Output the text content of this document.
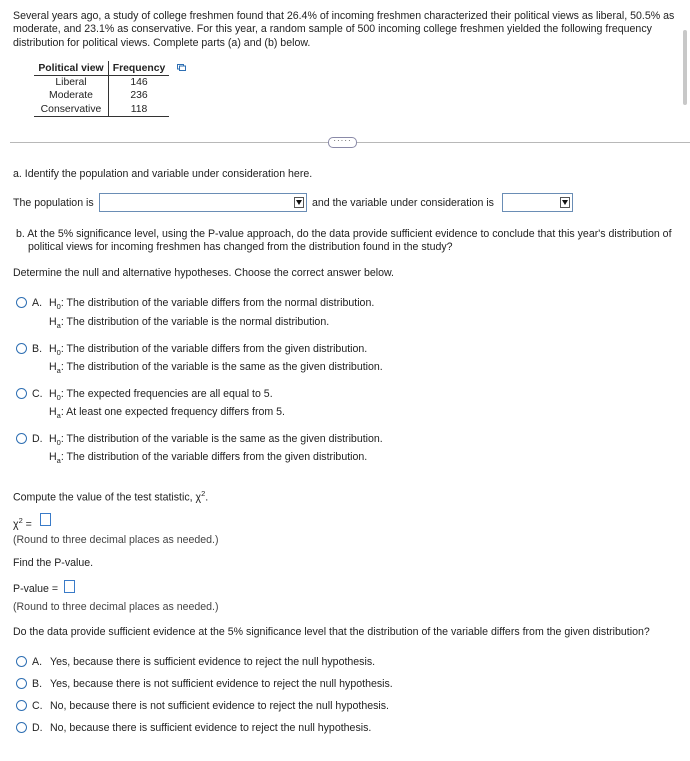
Several years ago, a study of college freshmen found that 26.4% of incoming freshmen characterized their political views as liberal, 50.5% as moderate, and 23.1% as conservative. For this year, a random sample of 500 incoming college freshmen yielded the following frequency distribution for political views. Complete parts (a) and (b) below.
Political view	Frequency
Liberal	146
Moderate	236
Conservative	118
·····
a. Identify the population and variable under consideration here.
The population is	and the variable under consideration is
b. At the 5% significance level, using the P-value approach, do the data provide sufficient evidence to conclude that this year's distribution of
political views for incoming freshmen has changed from the distribution found in the study?
Determine the null and alternative hypotheses. Choose the correct answer below.
A. $H_0$: The distribution of the variable differs from the normal distribution.
$H_a$: The distribution of the variable is the normal distribution.
B. $H_0$: The distribution of the variable differs from the given distribution.
$H_a$: The distribution of the variable is the same as the given distribution.
C. $H_0$: The expected frequencies are all equal to 5.
$H_a$: At least one expected frequency differs from 5.
D. $H_0$: The distribution of the variable is the same as the given distribution.
$H_a$: The distribution of the variable differs from the given distribution.
Compute the value of the test statistic, $\chi^2$.
$\chi^2$ =
(Round to three decimal places as needed.)
Find the P-value.
P-value =
(Round to three decimal places as needed.)
Do the data provide sufficient evidence at the 5% significance level that the distribution of the variable differs from the given distribution?
A. Yes, because there is sufficient evidence to reject the null hypothesis.
B. Yes, because there is not sufficient evidence to reject the null hypothesis.
C. No, because there is not sufficient evidence to reject the null hypothesis.
D. No, because there is sufficient evidence to reject the null hypothesis.
